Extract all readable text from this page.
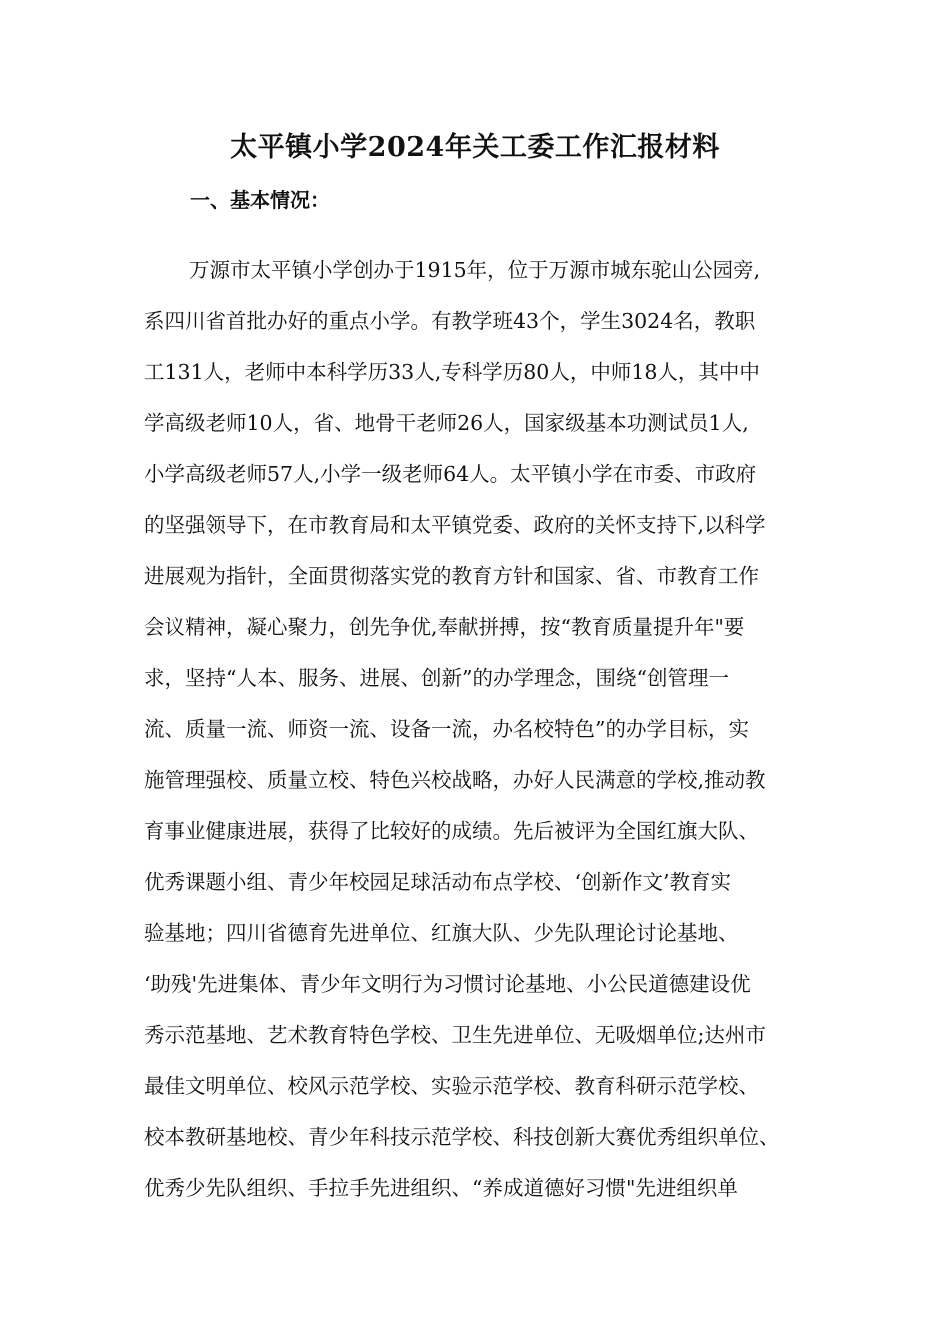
太平镇小学2024年关工委工作汇报材料
一、基本情况：
万源市太平镇小学创办于1915年，位于万源市城东驼山公园旁,
系四川省首批办好的重点小学。有教学班43个，学生3024名，教职
工131人，老师中本科学历33人,专科学历80人，中师18人，其中中
学高级老师10人，省、地骨干老师26人，国家级基本功测试员1人,
小学高级老师57人,小学一级老师64人。太平镇小学在市委、市政府
的坚强领导下，在市教育局和太平镇党委、政府的关怀支持下,以科学
进展观为指针，全面贯彻落实党的教育方针和国家、省、市教育工作
会议精神，凝心聚力，创先争优,奉献拼搏，按“教育质量提升年"要
求，坚持“人本、服务、进展、创新”的办学理念，围绕“创管理一
流、质量一流、师资一流、设备一流，办名校特色”的办学目标，实
施管理强校、质量立校、特色兴校战略，办好人民满意的学校,推动教
育事业健康进展，获得了比较好的成绩。先后被评为全国红旗大队、
优秀课题小组、青少年校园足球活动布点学校、‘创新作文’教育实
验基地；四川省德育先进单位、红旗大队、少先队理论讨论基地、
‘助残'先进集体、青少年文明行为习惯讨论基地、小公民道德建设优
秀示范基地、艺术教育特色学校、卫生先进单位、无吸烟单位;达州市
最佳文明单位、校风示范学校、实验示范学校、教育科研示范学校、
校本教研基地校、青少年科技示范学校、科技创新大赛优秀组织单位、
优秀少先队组织、手拉手先进组织、“养成道德好习惯"先进组织单
